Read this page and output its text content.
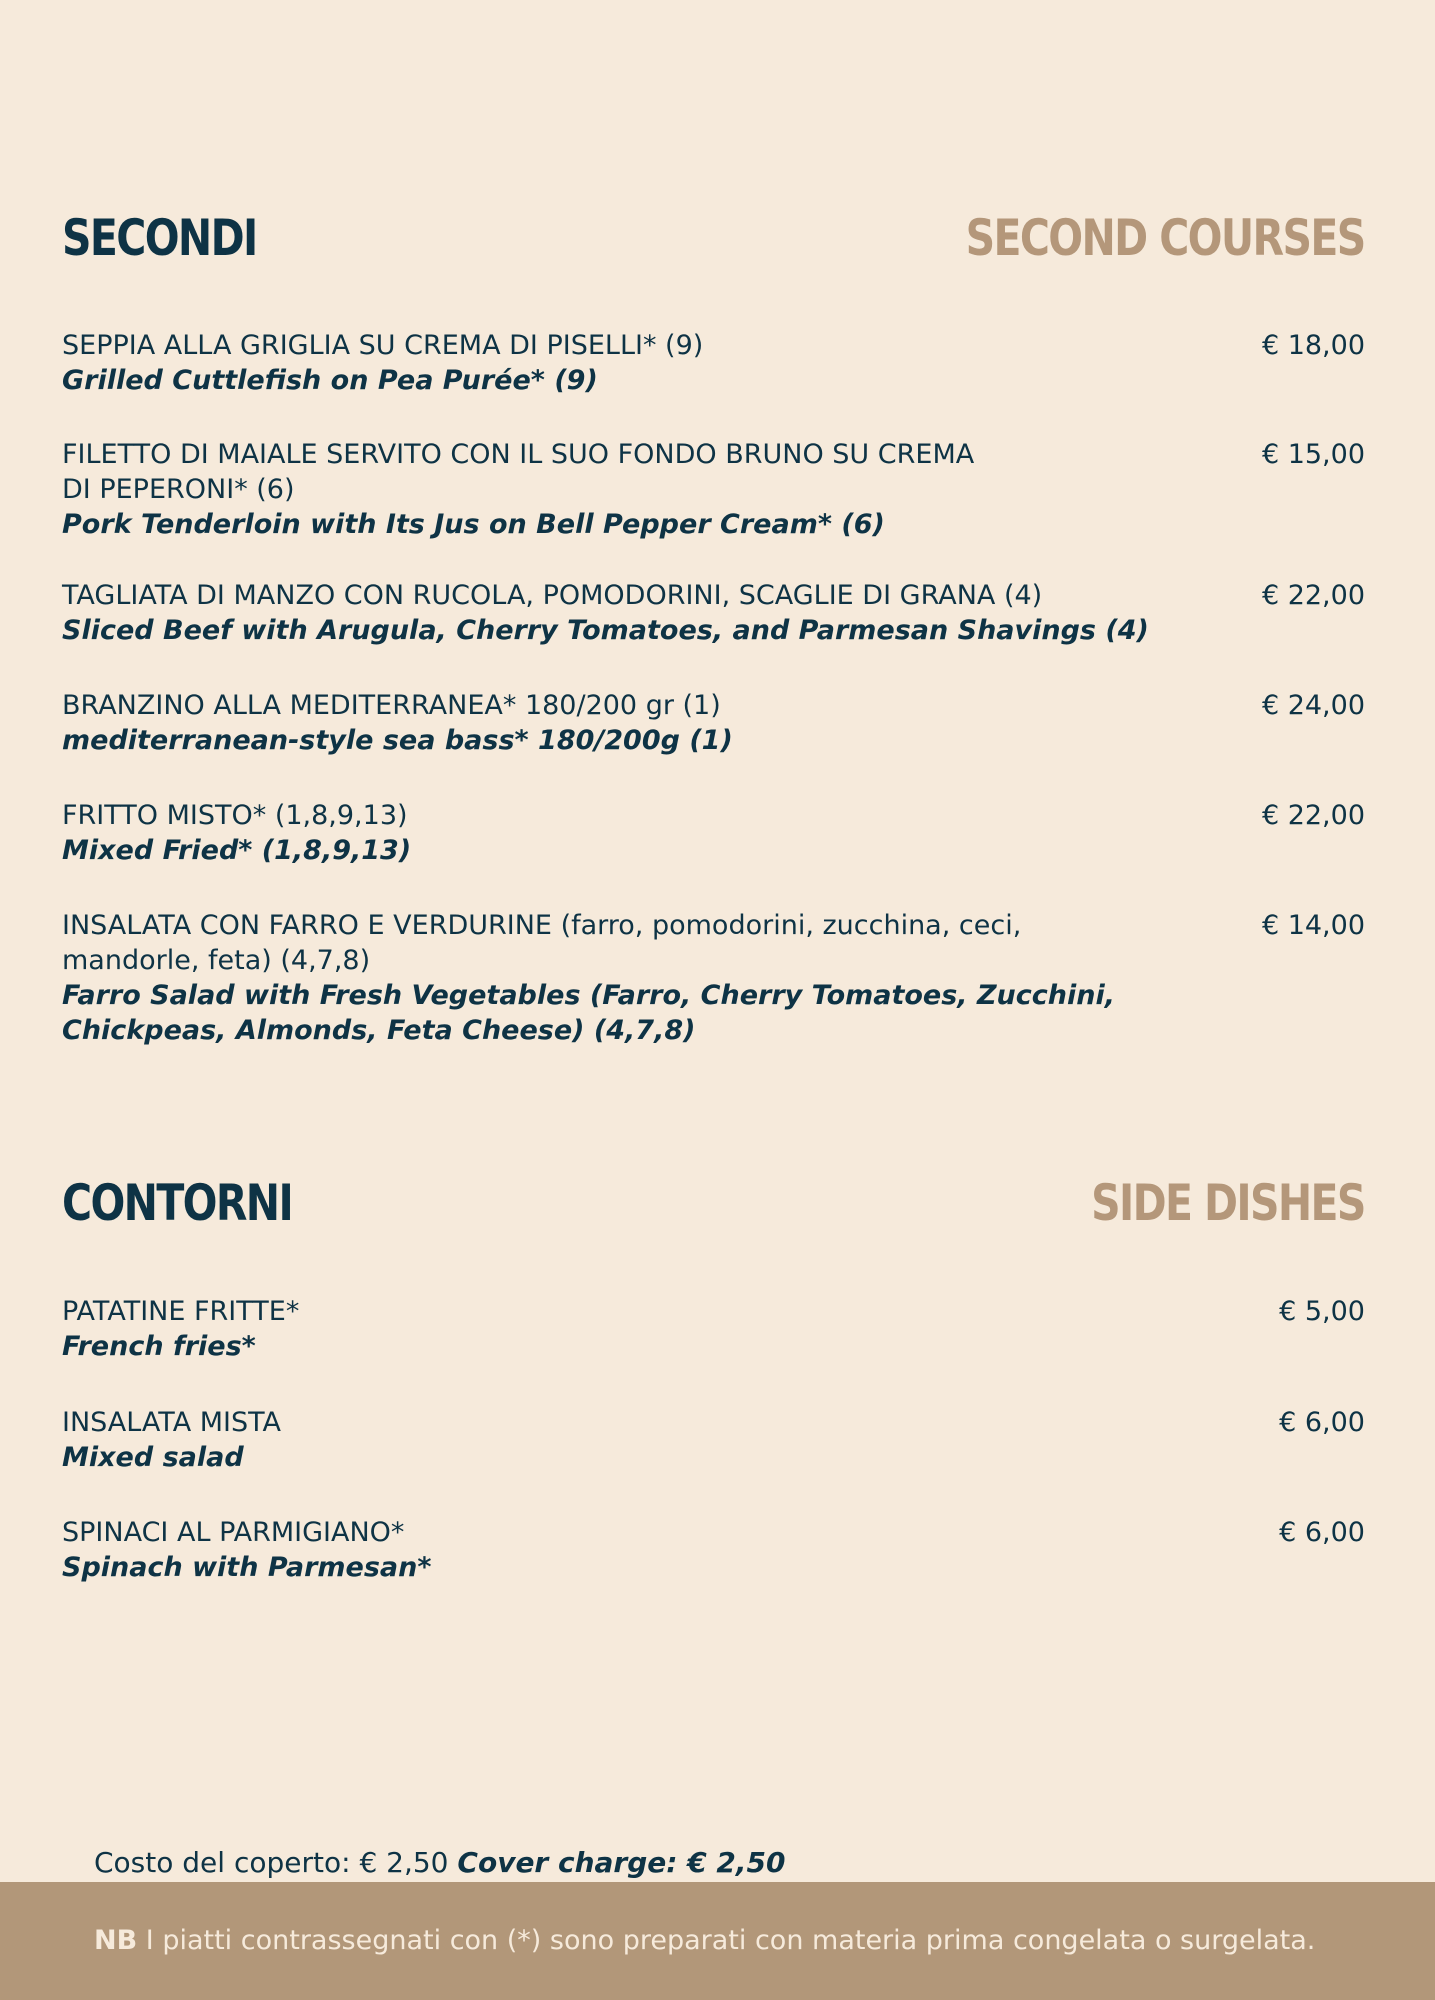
SECONDI	SECOND COURSES
SEPPIA ALLA GRIGLIA SU CREMA DI PISELLI* (9)
Grilled Cuttlefish on Pea Purée* (9)
€ 18,00
FILETTO DI MAIALE SERVITO CON IL SUO FONDO BRUNO SU CREMA DI PEPERONI* (6)
Pork Tenderloin with Its Jus on Bell Pepper Cream* (6)
€ 15,00
TAGLIATA DI MANZO CON RUCOLA, POMODORINI, SCAGLIE DI GRANA (4)
Sliced Beef with Arugula, Cherry Tomatoes, and Parmesan Shavings (4)
€ 22,00
BRANZINO ALLA MEDITERRANEA* 180/200 gr (1)
mediterranean-style sea bass* 180/200g (1)
€ 24,00
FRITTO MISTO* (1,8,9,13)
Mixed Fried* (1,8,9,13)
€ 22,00
INSALATA CON FARRO E VERDURINE (farro, pomodorini, zucchina, ceci, mandorle, feta) (4,7,8)
Farro Salad with Fresh Vegetables (Farro, Cherry Tomatoes, Zucchini, Chickpeas, Almonds, Feta Cheese) (4,7,8)
€ 14,00
CONTORNI	SIDE DISHES
PATATINE FRITTE*
French fries*
€ 5,00
INSALATA MISTA
Mixed salad
€ 6,00
SPINACI AL PARMIGIANO*
Spinach with Parmesan*
€ 6,00
Costo del coperto: € 2,50 Cover charge: € 2,50
NB I piatti contrassegnati con (*) sono preparati con materia prima congelata o surgelata.
